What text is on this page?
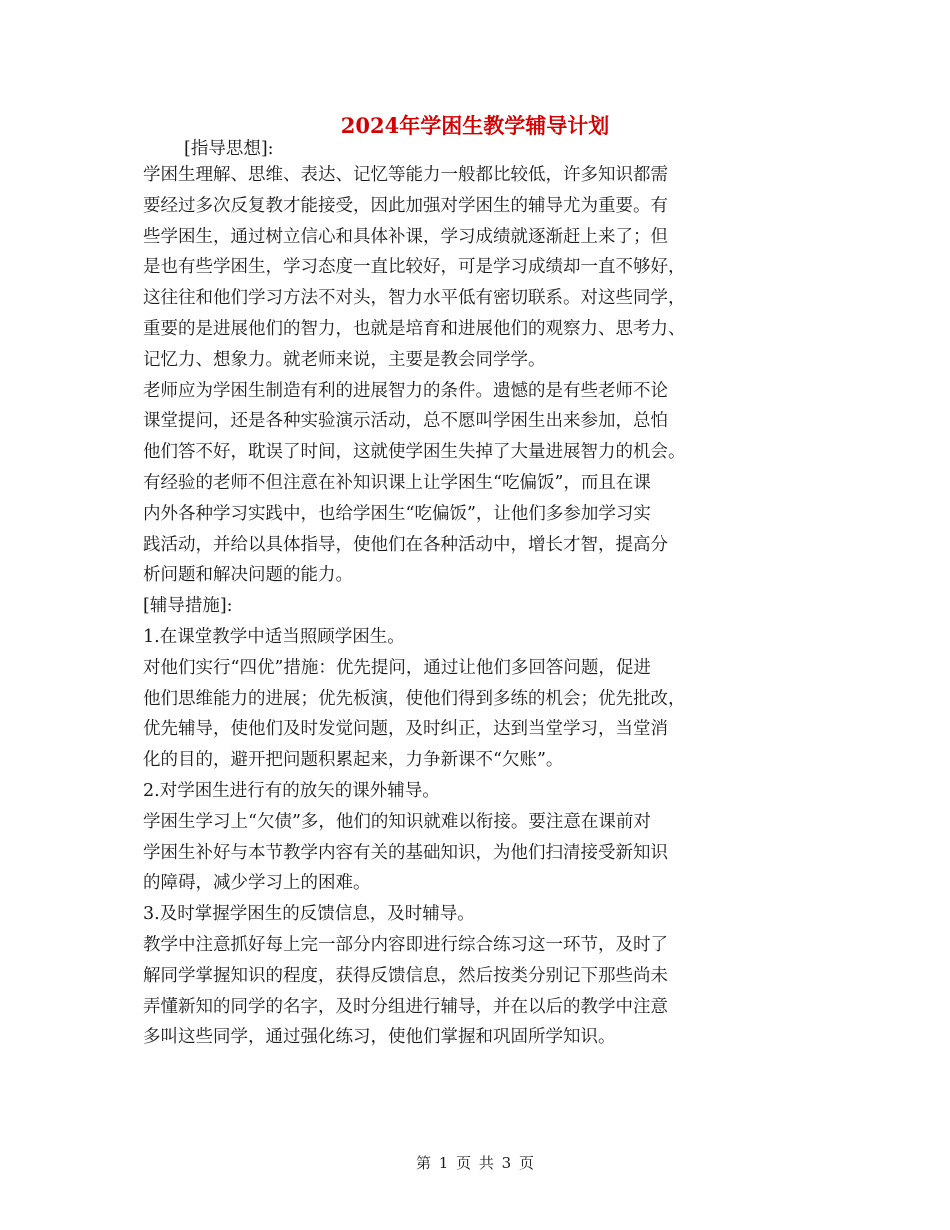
2024年学困生教学辅导计划
[指导思想]:
学困生理解、思维、表达、记忆等能力一般都比较低，许多知识都需
要经过多次反复教才能接受，因此加强对学困生的辅导尤为重要。有
些学困生，通过树立信心和具体补课，学习成绩就逐渐赶上来了；但
是也有些学困生，学习态度一直比较好，可是学习成绩却一直不够好，
这往往和他们学习方法不对头，智力水平低有密切联系。对这些同学，
重要的是进展他们的智力，也就是培育和进展他们的观察力、思考力、
记忆力、想象力。就老师来说，主要是教会同学学。
老师应为学困生制造有利的进展智力的条件。遗憾的是有些老师不论
课堂提问，还是各种实验演示活动，总不愿叫学困生出来参加，总怕
他们答不好，耽误了时间，这就使学困生失掉了大量进展智力的机会。
有经验的老师不但注意在补知识课上让学困生“吃偏饭”，而且在课
内外各种学习实践中，也给学困生“吃偏饭”，让他们多参加学习实
践活动，并给以具体指导，使他们在各种活动中，增长才智，提高分
析问题和解决问题的能力。
[辅导措施]:
1.在课堂教学中适当照顾学困生。
对他们实行“四优”措施：优先提问，通过让他们多回答问题，促进
他们思维能力的进展；优先板演，使他们得到多练的机会；优先批改，
优先辅导，使他们及时发觉问题，及时纠正，达到当堂学习，当堂消
化的目的，避开把问题积累起来，力争新课不“欠账”。
2.对学困生进行有的放矢的课外辅导。
学困生学习上“欠债”多，他们的知识就难以衔接。要注意在课前对
学困生补好与本节教学内容有关的基础知识，为他们扫清接受新知识
的障碍，减少学习上的困难。
3.及时掌握学困生的反馈信息，及时辅导。
教学中注意抓好每上完一部分内容即进行综合练习这一环节，及时了
解同学掌握知识的程度，获得反馈信息，然后按类分别记下那些尚未
弄懂新知的同学的名字，及时分组进行辅导，并在以后的教学中注意
多叫这些同学，通过强化练习，使他们掌握和巩固所学知识。
第 1 页 共 3 页
